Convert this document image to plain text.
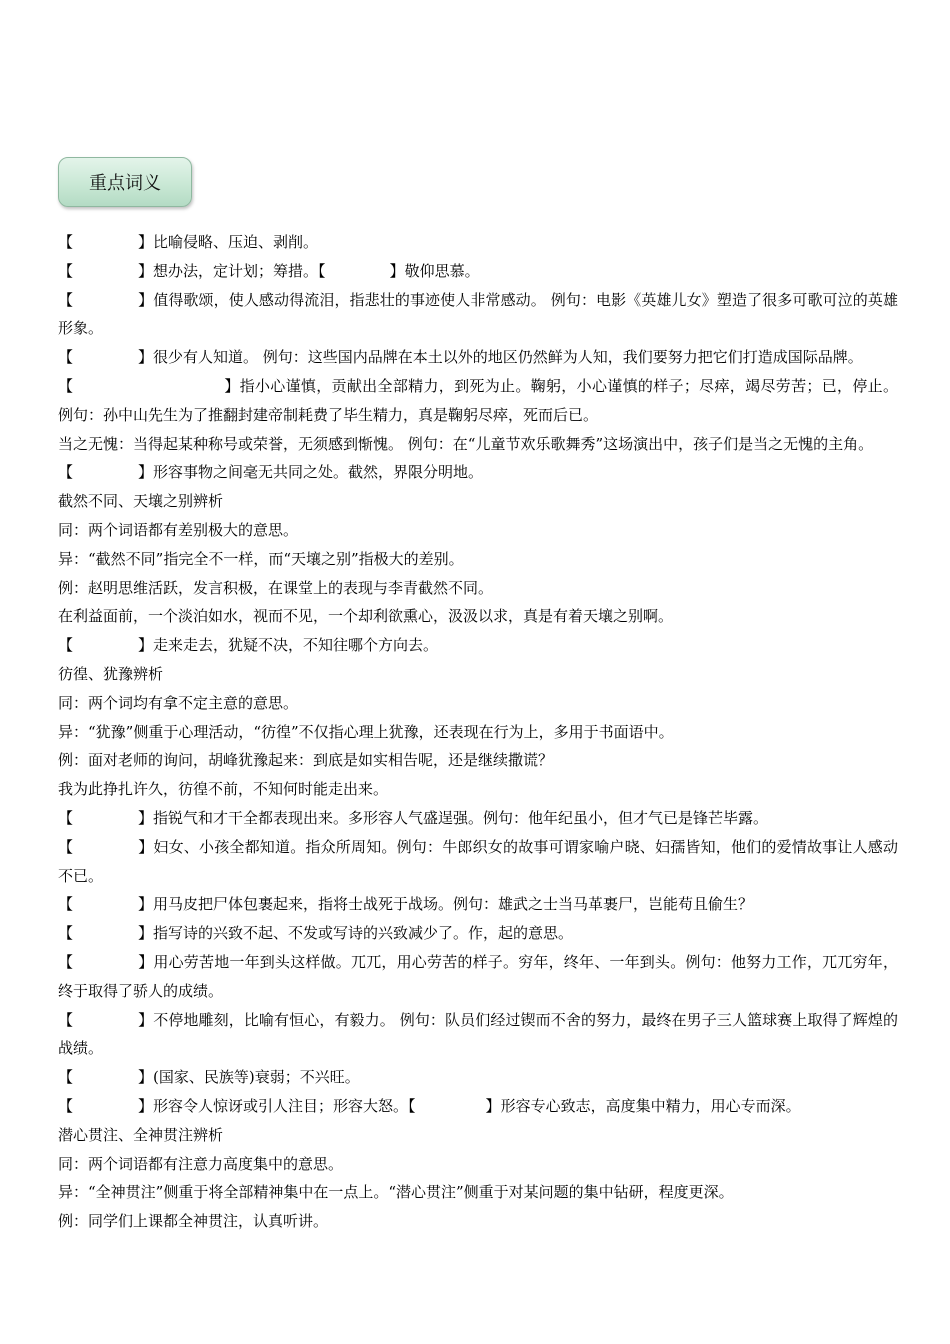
重点词义

【	】比喻侵略、压迫、剥削。

【	】想办法，定计划；筹措。【	】敬仰思慕。

【	】值得歌颂，使人感动得流泪，指悲壮的事迹使人非常感动。 例句：电影《英雄儿女》塑造了很多可歌可泣的英雄形象。

【	】很少有人知道。 例句：这些国内品牌在本土以外的地区仍然鲜为人知，我们要努力把它们打造成国际品牌。

【	】指小心谨慎，贡献出全部精力，到死为止。鞠躬，小心谨慎的样子；尽瘁，竭尽劳苦；已，停止。例句：孙中山先生为了推翻封建帝制耗费了毕生精力，真是鞠躬尽瘁，死而后已。

当之无愧：当得起某种称号或荣誉，无须感到惭愧。 例句：在“儿童节欢乐歌舞秀”这场演出中，孩子们是当之无愧的主角。

【	】形容事物之间毫无共同之处。截然，界限分明地。

截然不同、天壤之别辨析

同：两个词语都有差别极大的意思。

异：“截然不同”指完全不一样，而“天壤之别”指极大的差别。

例：赵明思维活跃，发言积极，在课堂上的表现与李青截然不同。

在利益面前，一个淡泊如水，视而不见，一个却利欲熏心，汲汲以求，真是有着天壤之别啊。

【	】走来走去，犹疑不决，不知往哪个方向去。

彷徨、犹豫辨析

同：两个词均有拿不定主意的意思。

异：“犹豫”侧重于心理活动，“彷徨”不仅指心理上犹豫，还表现在行为上，多用于书面语中。

例：面对老师的询问，胡峰犹豫起来：到底是如实相告呢，还是继续撒谎？

我为此挣扎许久，彷徨不前，不知何时能走出来。

【	】指锐气和才干全都表现出来。多形容人气盛逞强。例句：他年纪虽小，但才气已是锋芒毕露。

【	】妇女、小孩全都知道。指众所周知。例句：牛郎织女的故事可谓家喻户晓、妇孺皆知，他们的爱情故事让人感动不已。

【	】用马皮把尸体包裹起来，指将士战死于战场。例句：雄武之士当马革裹尸，岂能苟且偷生？

【	】指写诗的兴致不起、不发或写诗的兴致减少了。作，起的意思。

【	】用心劳苦地一年到头这样做。兀兀，用心劳苦的样子。穷年，终年、一年到头。例句：他努力工作，兀兀穷年，终于取得了骄人的成绩。

【	】不停地雕刻，比喻有恒心，有毅力。 例句：队员们经过锲而不舍的努力，最终在男子三人篮球赛上取得了辉煌的战绩。

【	】(国家、民族等)衰弱；不兴旺。

【	】形容令人惊讶或引人注目；形容大怒。【	】形容专心致志，高度集中精力，用心专而深。

潜心贯注、全神贯注辨析

同：两个词语都有注意力高度集中的意思。

异：“全神贯注”侧重于将全部精神集中在一点上。“潜心贯注”侧重于对某问题的集中钻研，程度更深。

例：同学们上课都全神贯注，认真听讲。
